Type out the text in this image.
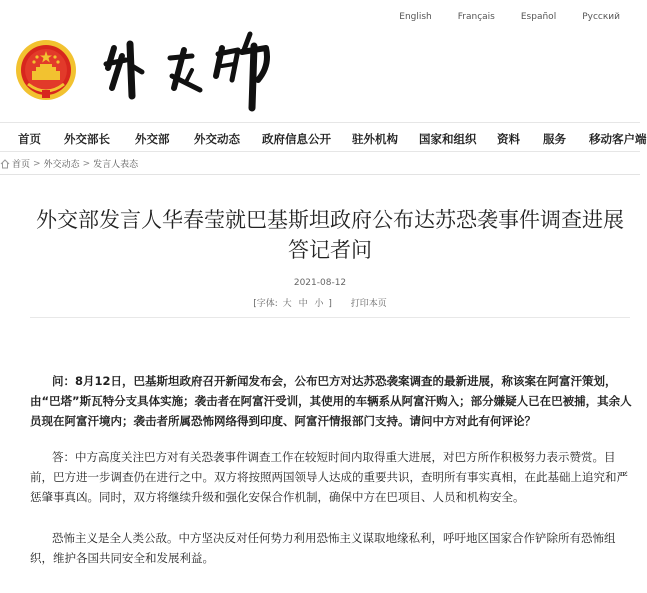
English	Français	Español	Русский
首页 外交部长 外交部 外交动态 政府信息公开 驻外机构 国家和组织 资料 服务 移动客户端
首页 > 外交动态 > 发言人表态
外交部发言人华春莹就巴基斯坦政府公布达苏恐袭事件调查进展答记者问
2021-08-12
[字体: 大 中 小 ] 打印本页

问：8月12日，巴基斯坦政府召开新闻发布会，公布巴方对达苏恐袭案调查的最新进展，称该案在阿富汗策划，由“巴塔”斯瓦特分支具体实施；袭击者在阿富汗受训，其使用的车辆系从阿富汗购入；部分嫌疑人已在巴被捕，其余人员现在阿富汗境内；袭击者所属恐怖网络得到印度、阿富汗情报部门支持。请问中方对此有何评论？

答：中方高度关注巴方对有关恐袭事件调查工作在较短时间内取得重大进展，对巴方所作积极努力表示赞赏。目前，巴方进一步调查仍在进行之中。双方将按照两国领导人达成的重要共识，查明所有事实真相，在此基础上追究和严惩肇事真凶。同时，双方将继续升级和强化安保合作机制，确保中方在巴项目、人员和机构安全。

恐怖主义是全人类公敌。中方坚决反对任何势力利用恐怖主义谋取地缘私利，呼吁地区国家合作铲除所有恐怖组织，维护各国共同安全和发展利益。
